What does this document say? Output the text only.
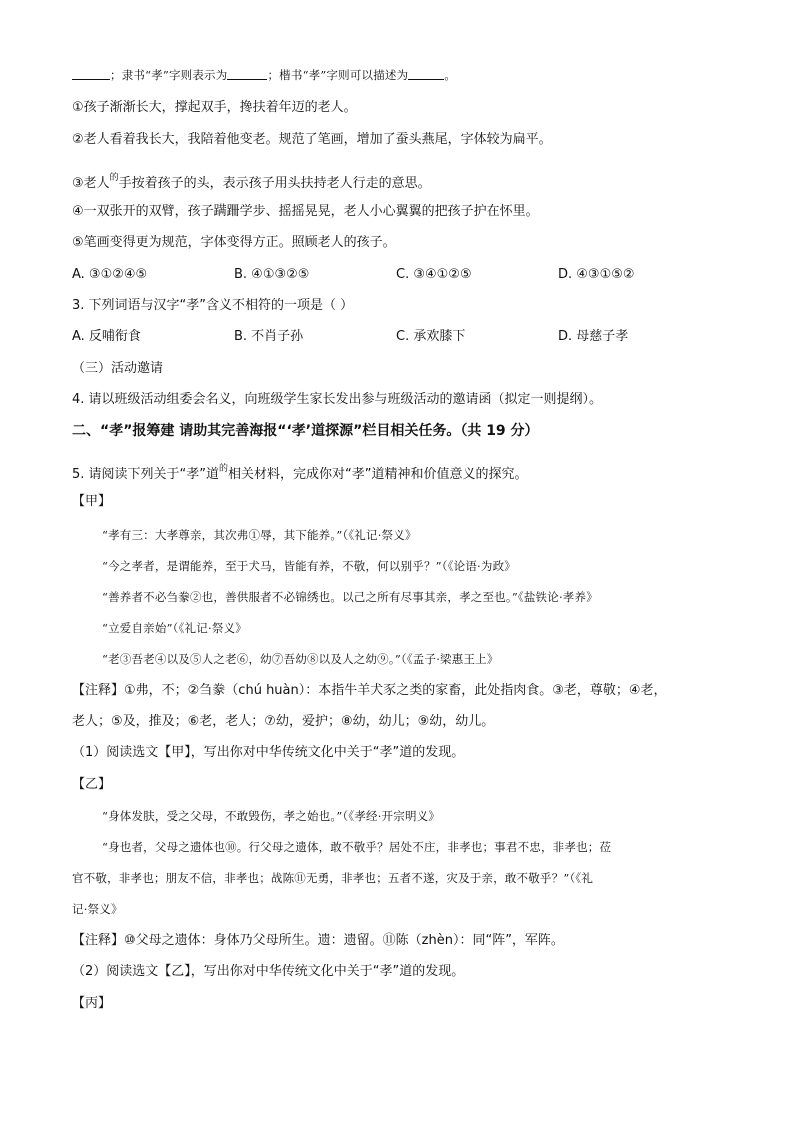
；隶书“孝”字则表示为	；楷书“孝”字则可以描述为	。
①孩子渐渐长大，撑起双手，搀扶着年迈的老人。
②老人看着我长大，我陪着他变老。规范了笔画，增加了蚕头燕尾，字体较为扁平。
③老人$^的$手按着孩子的头，表示孩子用头扶持老人行走的意思。
④一双张开的双臂，孩子蹒跚学步、摇摇晃晃，老人小心翼翼的把孩子护在怀里。
⑤笔画变得更为规范，字体变得方正。照顾老人的孩子。
A. ③①②④⑤	B. ④①③②⑤	C. ③④①②⑤	D. ④③①⑤②
3. 下列词语与汉字“孝”含义不相符的一项是（ ）
A. 反哺衔食	B. 不肖子孙	C. 承欢膝下	D. 母慈子孝
（三）活动邀请
4. 请以班级活动组委会名义，向班级学生家长发出参与班级活动的邀请函（拟定一则提纲）。
二、“孝”报筹建 请助其完善海报“‘孝’道探源”栏目相关任务。（共 19 分）
5. 请阅读下列关于“孝”道$^的$相关材料，完成你对“孝”道精神和价值意义的探究。
【甲】
“孝有三：大孝尊亲，其次弗①辱，其下能养。”（《礼记·祭义》
“今之孝者，是谓能养，至于犬马，皆能有养，不敬，何以别乎？”（《论语·为政》
“善养者不必刍豢②也，善供服者不必锦绣也。以己之所有尽事其亲，孝之至也。”《盐铁论·孝养》
“立爱自亲始”（《礼记·祭义》
“老③吾老④以及⑤人之老⑥，幼⑦吾幼⑧以及人之幼⑨。”（《孟子·梁惠王上》
【注释】①弗，不；②刍豢（chú huàn）：本指牛羊犬豕之类的家畜，此处指肉食。③老，尊敬；④老，
老人；⑤及，推及；⑥老，老人；⑦幼，爱护；⑧幼，幼儿；⑨幼，幼儿。
（1）阅读选文【甲】，写出你对中华传统文化中关于“孝”道的发现。
【乙】
“身体发肤，受之父母，不敢毁伤，孝之始也。”（《孝经·开宗明义》
“身也者，父母之遗体也⑩。行父母之遗体，敢不敬乎？居处不庄，非孝也；事君不忠，非孝也；莅
官不敬，非孝也；朋友不信，非孝也；战陈⑪无勇，非孝也；五者不遂，灾及于亲，敢不敬乎？”（《礼
记·祭义》
【注释】⑩父母之遗体：身体乃父母所生。遗：遗留。⑪陈（zhèn）：同“阵”，军阵。
（2）阅读选文【乙】，写出你对中华传统文化中关于“孝”道的发现。
【丙】
